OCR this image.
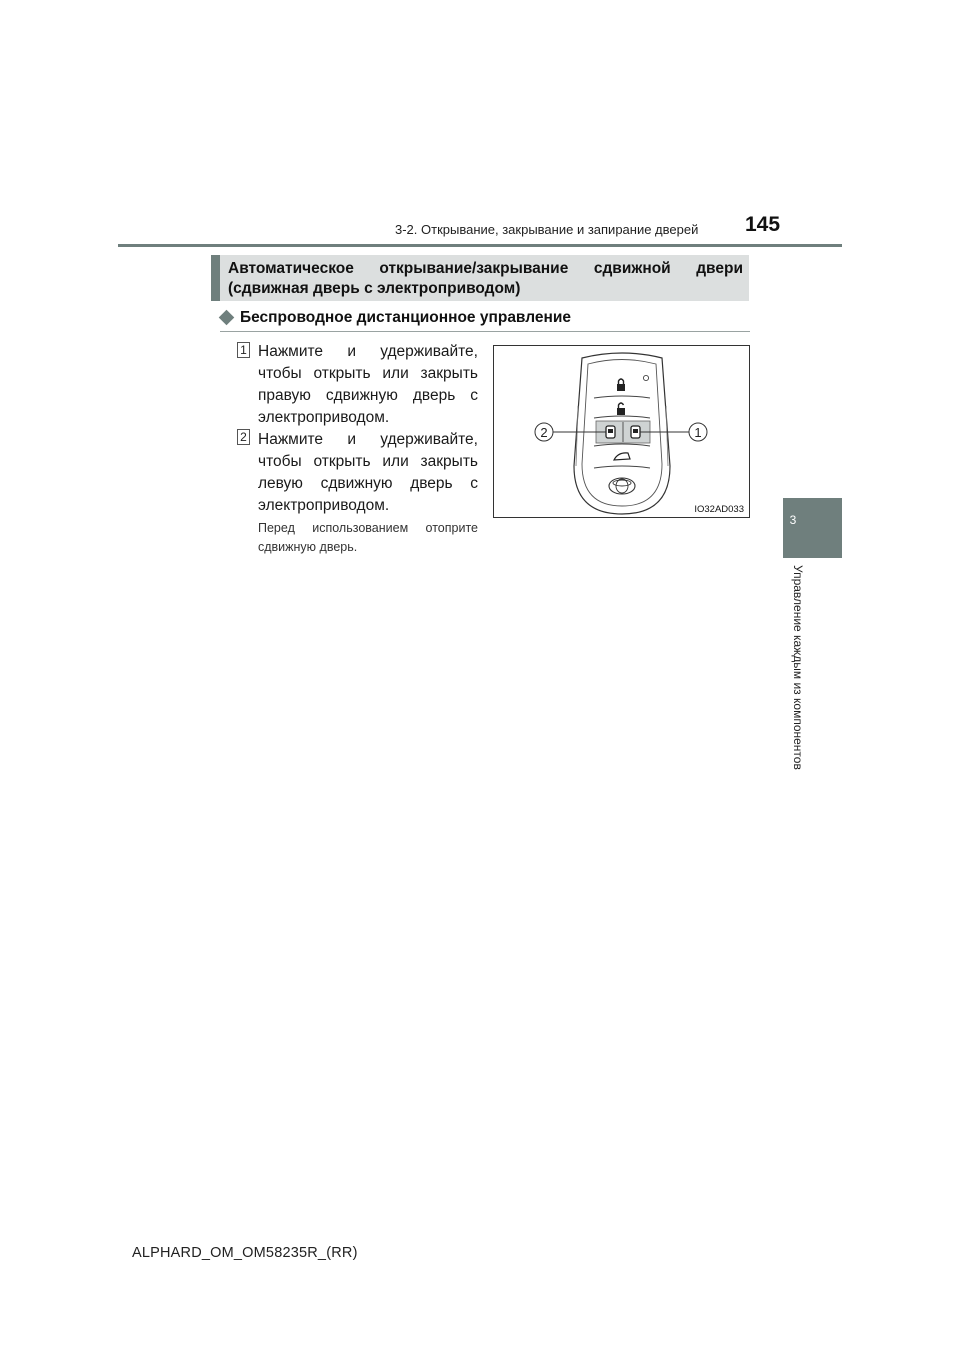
3-2. Открывание, закрывание и запирание дверей 145
3
Управление каждым из компонентов
Автоматическое открывание/закрывание сдвижной двери
(сдвижная дверь с электроприводом)
Беспроводное дистанционное управление
1 Нажмите и удерживайте, чтобы открыть или закрыть правую сдвижную дверь с электроприводом.
2 Нажмите и удерживайте, чтобы открыть или закрыть левую сдвижную дверь с электроприводом.
Перед использованием отоприте сдвижную дверь.
2	1
IO32AD033
ALPHARD_OM_OM58235R_(RR)
